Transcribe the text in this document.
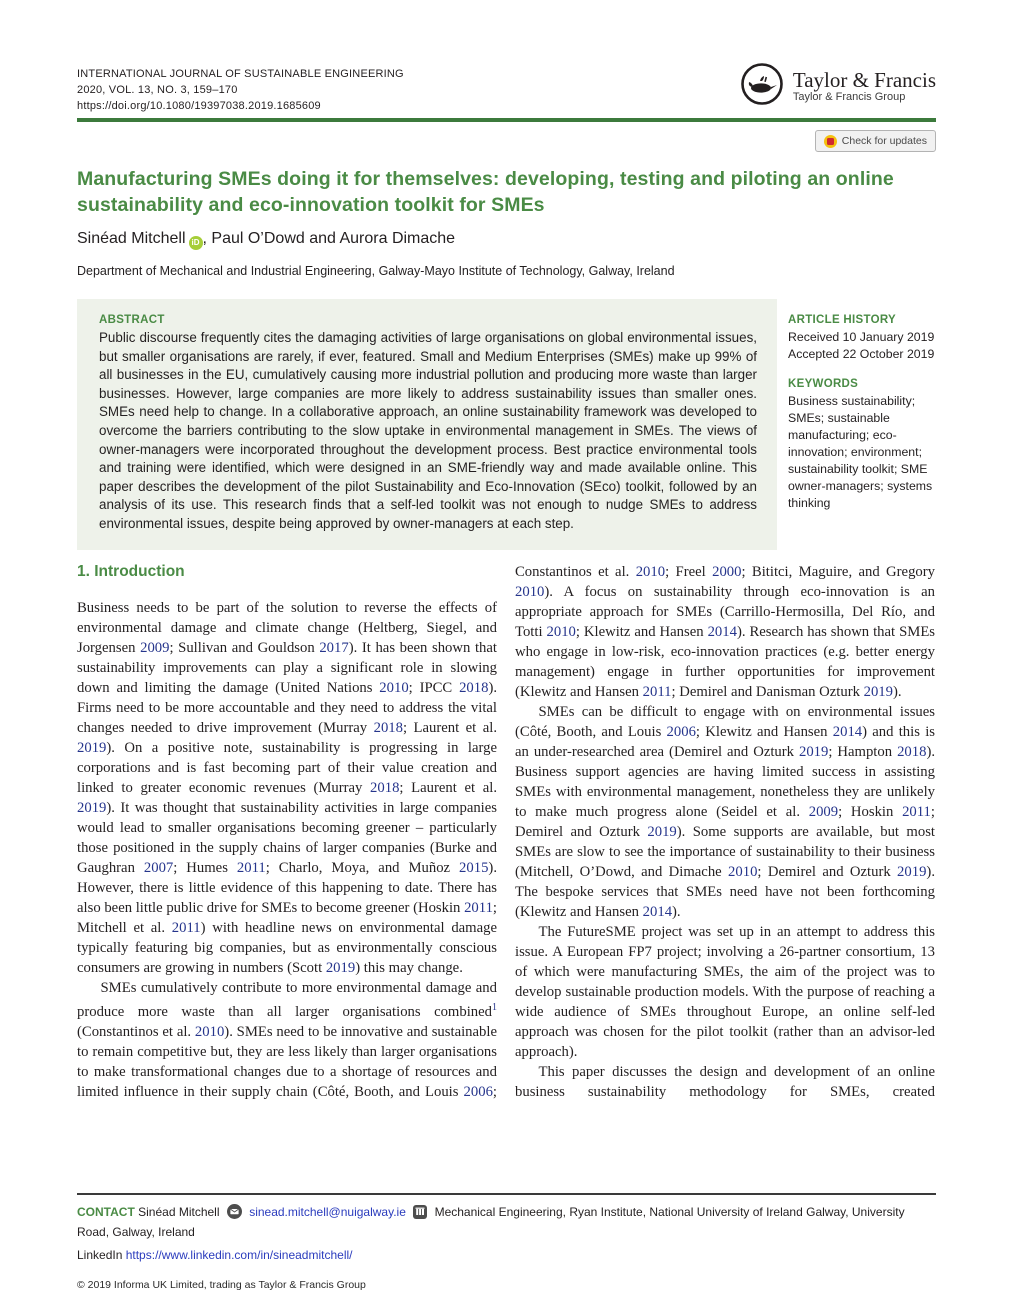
INTERNATIONAL JOURNAL OF SUSTAINABLE ENGINEERING
2020, VOL. 13, NO. 3, 159–170
https://doi.org/10.1080/19397038.2019.1685609
Taylor & Francis
Taylor & Francis Group
Check for updates
Manufacturing SMEs doing it for themselves: developing, testing and piloting an online sustainability and eco-innovation toolkit for SMEs
Sinéad Mitchell iD , Paul O’Dowd and Aurora Dimache
Department of Mechanical and Industrial Engineering, Galway-Mayo Institute of Technology, Galway, Ireland
ABSTRACT
Public discourse frequently cites the damaging activities of large organisations on global environmental issues, but smaller organisations are rarely, if ever, featured. Small and Medium Enterprises (SMEs) make up 99% of all businesses in the EU, cumulatively causing more industrial pollution and producing more waste than larger businesses. However, large companies are more likely to address sustainability issues than smaller ones. SMEs need help to change. In a collaborative approach, an online sustainability framework was developed to overcome the barriers contributing to the slow uptake in environmental management in SMEs. The views of owner-managers were incorporated throughout the development process. Best practice environmental tools and training were identified, which were designed in an SME-friendly way and made available online. This paper describes the development of the pilot Sustainability and Eco-Innovation (SEco) toolkit, followed by an analysis of its use. This research finds that a self-led toolkit was not enough to nudge SMEs to address environmental issues, despite being approved by owner-managers at each step.
ARTICLE HISTORY
Received 10 January 2019
Accepted 22 October 2019
KEYWORDS
Business sustainability; SMEs; sustainable manufacturing; eco-innovation; environment; sustainability toolkit; SME owner-managers; systems thinking
1. Introduction

Business needs to be part of the solution to reverse the effects of environmental damage and climate change (Heltberg, Siegel, and Jorgensen 2009; Sullivan and Gouldson 2017). It has been shown that sustainability improvements can play a significant role in slowing down and limiting the damage (United Nations 2010; IPCC 2018). Firms need to be more accountable and they need to address the vital changes needed to drive improvement (Murray 2018; Laurent et al. 2019). On a positive note, sustainability is progressing in large corporations and is fast becoming part of their value creation and linked to greater economic revenues (Murray 2018; Laurent et al. 2019). It was thought that sustainability activities in large companies would lead to smaller organisations becoming greener – particularly those positioned in the supply chains of larger companies (Burke and Gaughran 2007; Humes 2011; Charlo, Moya, and Muñoz 2015). However, there is little evidence of this happening to date. There has also been little public drive for SMEs to become greener (Hoskin 2011; Mitchell et al. 2011) with headline news on environmental damage typically featuring big companies, but as environmentally conscious consumers are growing in numbers (Scott 2019) this may change.

SMEs cumulatively contribute to more environmental damage and produce more waste than all larger organisations combined$^1$ (Constantinos et al. 2010). SMEs need to be innovative and sustainable to remain competitive but, they are less likely than larger organisations to make transformational changes due to a shortage of resources and limited influence in their supply chain (Côté, Booth, and Louis 2006;

Constantinos et al. 2010; Freel 2000; Bititci, Maguire, and Gregory 2010). A focus on sustainability through eco-innovation is an appropriate approach for SMEs (Carrillo-Hermosilla, Del Río, and Totti 2010; Klewitz and Hansen 2014). Research has shown that SMEs who engage in low-risk, eco-innovation practices (e.g. better energy management) engage in further opportunities for improvement (Klewitz and Hansen 2011; Demirel and Danisman Ozturk 2019).

SMEs can be difficult to engage with on environmental issues (Côté, Booth, and Louis 2006; Klewitz and Hansen 2014) and this is an under-researched area (Demirel and Ozturk 2019; Hampton 2018). Business support agencies are having limited success in assisting SMEs with environmental management, nonetheless they are unlikely to make much progress alone (Seidel et al. 2009; Hoskin 2011; Demirel and Ozturk 2019). Some supports are available, but most SMEs are slow to see the importance of sustainability to their business (Mitchell, O’Dowd, and Dimache 2010; Demirel and Ozturk 2019). The bespoke services that SMEs need have not been forthcoming (Klewitz and Hansen 2014).

The FutureSME project was set up in an attempt to address this issue. A European FP7 project; involving a 26-partner consortium, 13 of which were manufacturing SMEs, the aim of the project was to develop sustainable production models. With the purpose of reaching a wide audience of SMEs throughout Europe, an online self-led approach was chosen for the pilot toolkit (rather than an advisor-led approach).

This paper discusses the design and development of an online business sustainability methodology for SMEs, created

CONTACT Sinéad Mitchell sinead.mitchell@nuigalway.ie Mechanical Engineering, Ryan Institute, National University of Ireland Galway, University Road, Galway, Ireland
LinkedIn https://www.linkedin.com/in/sineadmitchell/
© 2019 Informa UK Limited, trading as Taylor & Francis Group
